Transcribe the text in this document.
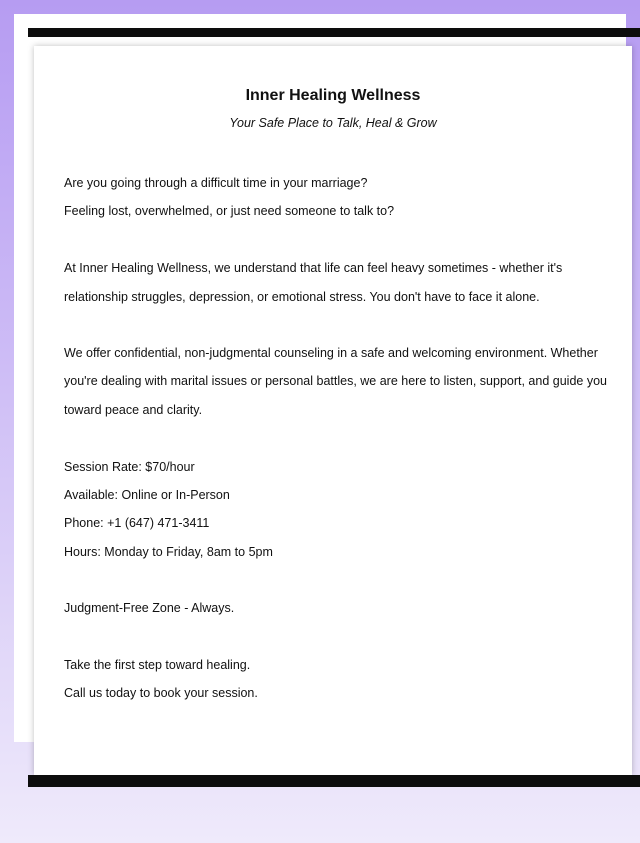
Inner Healing Wellness
Your Safe Place to Talk, Heal & Grow
Are you going through a difficult time in your marriage?
Feeling lost, overwhelmed, or just need someone to talk to?
At Inner Healing Wellness, we understand that life can feel heavy sometimes - whether it's
relationship struggles, depression, or emotional stress. You don't have to face it alone.
We offer confidential, non-judgmental counseling in a safe and welcoming environment. Whether
you're dealing with marital issues or personal battles, we are here to listen, support, and guide you
toward peace and clarity.
Session Rate: $70/hour
Available: Online or In-Person
Phone: +1 (647) 471-3411
Hours: Monday to Friday, 8am to 5pm
Judgment-Free Zone - Always.
Take the first step toward healing.
Call us today to book your session.
